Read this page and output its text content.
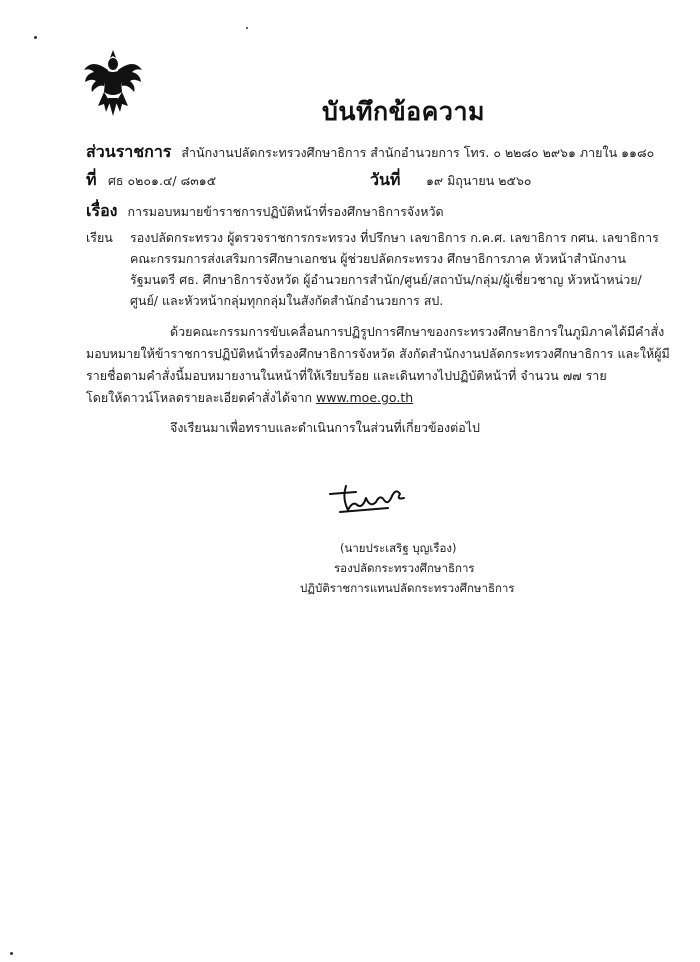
บันทึกข้อความ
ส่วนราชการ สำนักงานปลัดกระทรวงศึกษาธิการ สำนักอำนวยการ โทร. ๐ ๒๒๘๐ ๒๙๖๑ ภายใน ๑๑๘๐
ที่ ศธ ๐๒๐๑.๔/ ๘๓๑๕	วันที่ ๑๙ มิถุนายน ๒๕๖๐
เรื่อง การมอบหมายข้าราชการปฏิบัติหน้าที่รองศึกษาธิการจังหวัด
เรียน รองปลัดกระทรวง ผู้ตรวจราชการกระทรวง ที่ปรึกษา เลขาธิการ ก.ค.ศ. เลขาธิการ กศน. เลขาธิการ
คณะกรรมการส่งเสริมการศึกษาเอกชน ผู้ช่วยปลัดกระทรวง ศึกษาธิการภาค หัวหน้าสำนักงาน
รัฐมนตรี ศธ. ศึกษาธิการจังหวัด ผู้อำนวยการสำนัก/ศูนย์/สถาบัน/กลุ่ม/ผู้เชี่ยวชาญ หัวหน้าหน่วย/
ศูนย์/ และหัวหน้ากลุ่มทุกกลุ่มในสังกัดสำนักอำนวยการ สป.
ด้วยคณะกรรมการขับเคลื่อนการปฏิรูปการศึกษาของกระทรวงศึกษาธิการในภูมิภาคได้มีคำสั่ง
มอบหมายให้ข้าราชการปฏิบัติหน้าที่รองศึกษาธิการจังหวัด สังกัดสำนักงานปลัดกระทรวงศึกษาธิการ และให้ผู้มี
รายชื่อตามคำสั่งนี้มอบหมายงานในหน้าที่ให้เรียบร้อย และเดินทางไปปฏิบัติหน้าที่ จำนวน ๗๗ ราย
โดยให้ดาวน์โหลดรายละเอียดคำสั่งได้จาก www.moe.go.th
จึงเรียนมาเพื่อทราบและดำเนินการในส่วนที่เกี่ยวข้องต่อไป
(นายประเสริฐ บุญเรือง)
รองปลัดกระทรวงศึกษาธิการ
ปฏิบัติราชการแทนปลัดกระทรวงศึกษาธิการ
